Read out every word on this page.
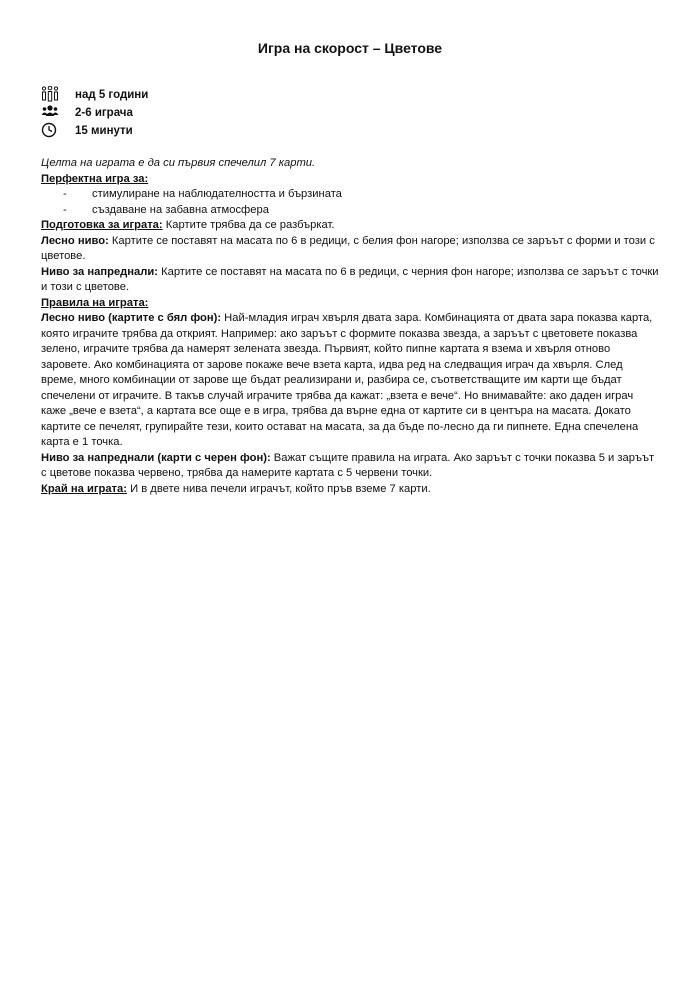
Игра на скорост – Цветове
над 5 години
2-6 играча
15 минути

Целта на играта е да си първия спечелил 7 карти.

Перфектна игра за:

- стимулиране на наблюдателността и бързината
- създаване на забавна атмосфера

Подготовка за играта: Картите трябва да се разбъркат.

Лесно ниво: Картите се поставят на масата по 6 в редици, с белия фон нагоре; използва се заръът с форми и този с цветове.

Ниво за напреднали: Картите се поставят на масата по 6 в редици, с черния фон нагоре; използва се заръът с точки и този с цветове.

Правила на играта:

Лесно ниво (картите с бял фон): Най-младия играч хвърля двата зара. Комбинацията от двата зара показва карта, която играчите трябва да открият. Например: ако заръът с формите показва звезда, а заръът с цветовете показва зелено, играчите трябва да намерят зелената звезда. Първият, който пипне картата я взема и хвърля отново заровете. Ако комбинацията от зарове покаже вече взета карта, идва ред на следващия играч да хвърля. След време, много комбинации от зарове ще бъдат реализирани и, разбира се, съответстващите им карти ще бъдат спечелени от играчите. В такъв случай играчите трябва да кажат: „взета е вече“. Но внимавайте: ако даден играч каже „вече е взета“, а картата все още е в игра, трябва да върне една от картите си в центъра на масата. Докато картите се печелят, групирайте тези, които остават на масата, за да бъде по-лесно да ги пипнете. Една спечелена карта е 1 точка.

Ниво за напреднали (карти с черен фон): Важат същите правила на играта. Ако заръът с точки показва 5 и заръът с цветове показва червено, трябва да намерите картата с 5 червени точки.

Край на играта: И в двете нива печели играчът, който пръв вземе 7 карти.
